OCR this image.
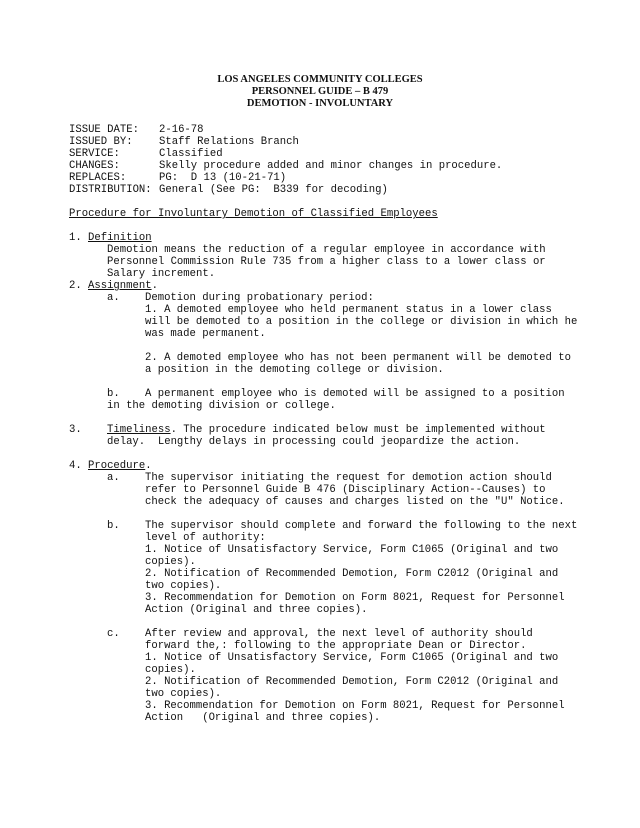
LOS ANGELES COMMUNITY COLLEGES
PERSONNEL GUIDE – B 479
DEMOTION - INVOLUNTARY
ISSUE DATE: 2-16-78
ISSUED BY: Staff Relations Branch
SERVICE:	Classified
CHANGES:	Skelly procedure added and minor changes in procedure.
REPLACES:	PG:  D 13 (10-21-71)
DISTRIBUTION: General (See PG:  B339 for decoding)
Procedure for Involuntary Demotion of Classified Employees
1. Definition
Demotion means the reduction of a regular employee in accordance with
Personnel Commission Rule 735 from a higher class to a lower class or
Salary increment.
2. Assignment.
a. Demotion during probationary period:
1. A demoted employee who held permanent status in a lower class
will be demoted to a position in the college or division in which he
was made permanent.
2. A demoted employee who has not been permanent will be demoted to
a position in the demoting college or division.
b. A permanent employee who is demoted will be assigned to a position
in the demoting division or college.
3. Timeliness. The procedure indicated below must be implemented without
delay.  Lengthy delays in processing could jeopardize the action.
4. Procedure.
a. The supervisor initiating the request for demotion action should
refer to Personnel Guide B 476 (Disciplinary Action--Causes) to
check the adequacy of causes and charges listed on the "U" Notice.
b. The supervisor should complete and forward the following to the next
level of authority:
1. Notice of Unsatisfactory Service, Form C1065 (Original and two
copies).
2. Notification of Recommended Demotion, Form C2012 (Original and
two copies).
3. Recommendation for Demotion on Form 8021, Request for Personnel
Action (Original and three copies).
c. After review and approval, the next level of authority should
forward the,: following to the appropriate Dean or Director.
1. Notice of Unsatisfactory Service, Form C1065 (Original and two
copies).
2. Notification of Recommended Demotion, Form C2012 (Original and
two copies).
3. Recommendation for Demotion on Form 8021, Request for Personnel
Action   (Original and three copies).
